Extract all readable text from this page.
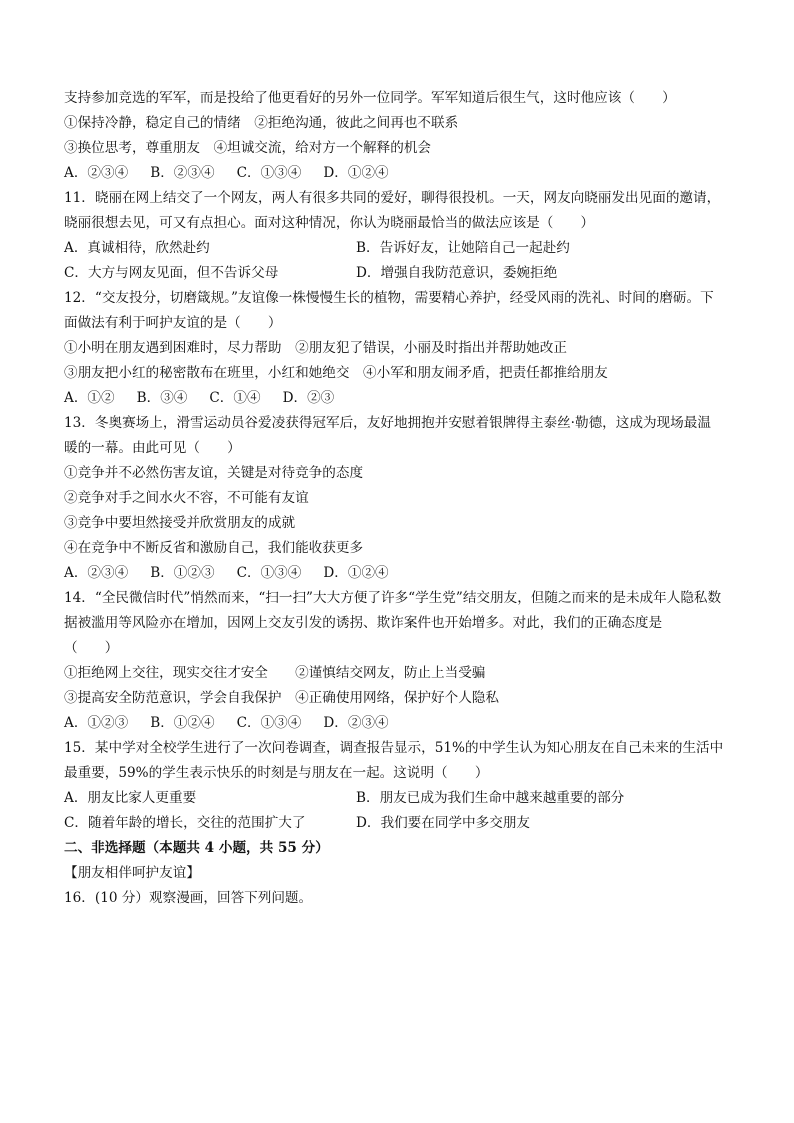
支持参加竞选的军军，而是投给了他更看好的另外一位同学。军军知道后很生气，这时他应该（　　）
①保持冷静，稳定自己的情绪　②拒绝沟通，彼此之间再也不联系
③换位思考，尊重朋友　④坦诚交流，给对方一个解释的机会
A．②③④ B．②③④ C．①③④ D．①②④
11．晓丽在网上结交了一个网友，两人有很多共同的爱好，聊得很投机。一天，网友向晓丽发出见面的邀请，
晓丽很想去见，可又有点担心。面对这种情况，你认为晓丽最恰当的做法应该是（　　）
A．真诚相待，欣然赴约	B．告诉好友，让她陪自己一起赴约
C．大方与网友见面，但不告诉父母	D．增强自我防范意识，委婉拒绝
12．“交友投分，切磨箴规。”友谊像一株慢慢生长的植物，需要精心养护，经受风雨的洗礼、时间的磨砺。下
面做法有利于呵护友谊的是（　　）
①小明在朋友遇到困难时，尽力帮助　②朋友犯了错误，小丽及时指出并帮助她改正
③朋友把小红的秘密散布在班里，小红和她绝交　④小军和朋友闹矛盾，把责任都推给朋友
A．①② B．③④ C．①④ D．②③
13．冬奥赛场上，滑雪运动员谷爱凌获得冠军后，友好地拥抱并安慰着银牌得主泰丝·勒德，这成为现场最温
暖的一幕。由此可见（　　）
①竞争并不必然伤害友谊，关键是对待竞争的态度
②竞争对手之间水火不容，不可能有友谊
③竞争中要坦然接受并欣赏朋友的成就
④在竞争中不断反省和激励自己，我们能收获更多
A．②③④ B．①②③ C．①③④ D．①②④
14．“全民微信时代”悄然而来，“扫一扫”大大方便了许多“学生党”结交朋友，但随之而来的是未成年人隐私数
据被滥用等风险亦在增加，因网上交友引发的诱拐、欺诈案件也开始增多。对此，我们的正确态度是
（　　）
①拒绝网上交往，现实交往才安全　　②谨慎结交网友，防止上当受骗
③提高安全防范意识，学会自我保护　④正确使用网络，保护好个人隐私
A．①②③ B．①②④ C．①③④ D．②③④
15．某中学对全校学生进行了一次问卷调查，调查报告显示，51%的中学生认为知心朋友在自己未来的生活中
最重要，59%的学生表示快乐的时刻是与朋友在一起。这说明（　　）
A．朋友比家人更重要	B．朋友已成为我们生命中越来越重要的部分
C．随着年龄的增长，交往的范围扩大了	D．我们要在同学中多交朋友
二、非选择题（本题共 4 小题，共 55 分）
【朋友相伴呵护友谊】
16．(10 分）观察漫画，回答下列问题。
